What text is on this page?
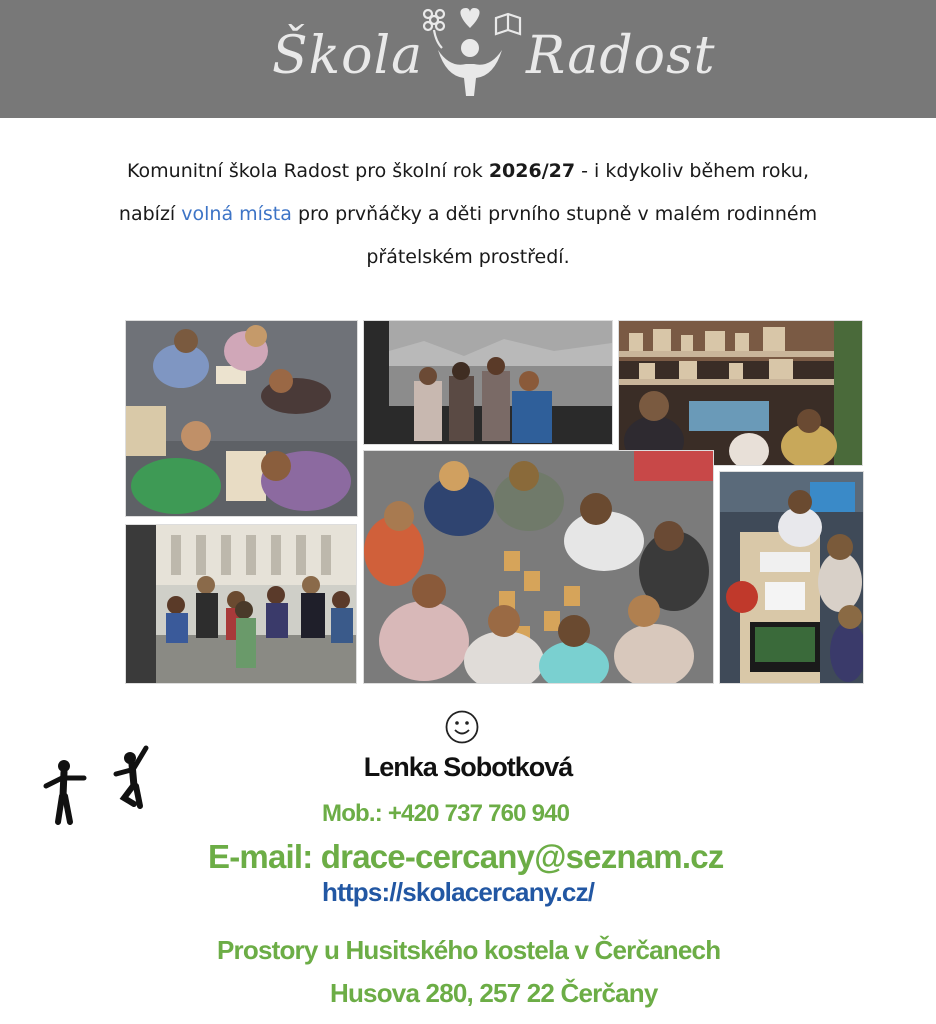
Škola Radost
Komunitní škola Radost pro školní rok 2026/27 - i kdykoliv během roku,
nabízí volná místa pro prvňáčky a děti prvního stupně v malém rodinném
přátelském prostředí.
Lenka Sobotková
Mob.: +420 737 760 940
E-mail: drace-cercany@seznam.cz
https://skolacercany.cz/
Prostory u Husitského kostela v Čerčanech
Husova 280, 257 22 Čerčany
